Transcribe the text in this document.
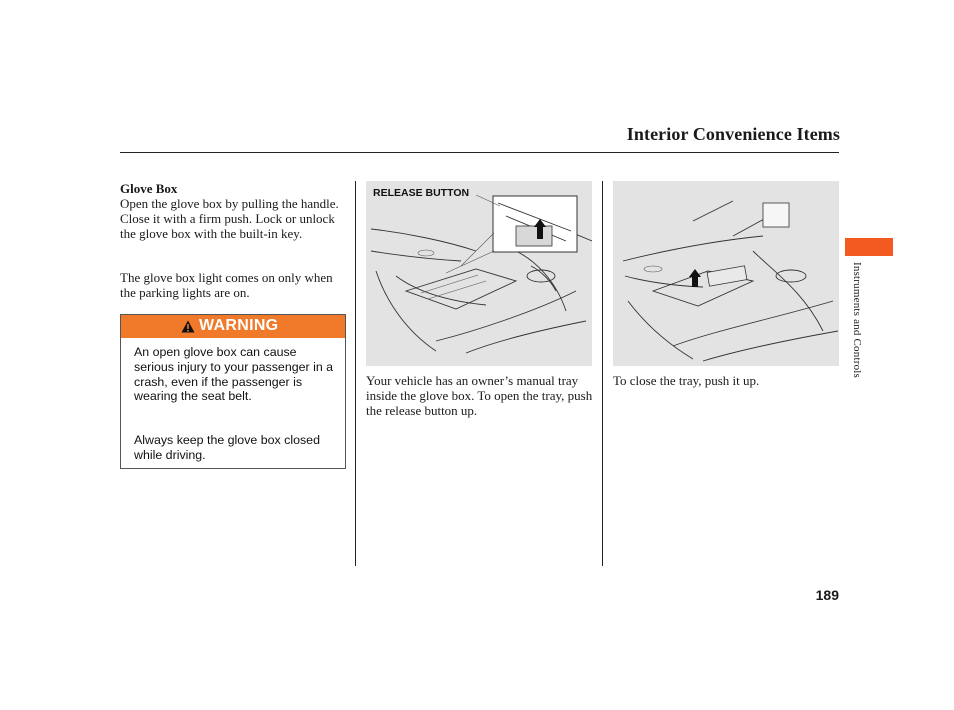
Interior Convenience Items
Glove Box
Open the glove box by pulling the handle. Close it with a firm push. Lock or unlock the glove box with the built-in key.
The glove box light comes on only when the parking lights are on.
WARNING
An open glove box can cause serious injury to your passenger in a crash, even if the passenger is wearing the seat belt.
Always keep the glove box closed while driving.
RELEASE BUTTON
Your vehicle has an owner’s manual tray inside the glove box. To open the tray, push the release button up.
To close the tray, push it up.
Instruments and Controls
189
